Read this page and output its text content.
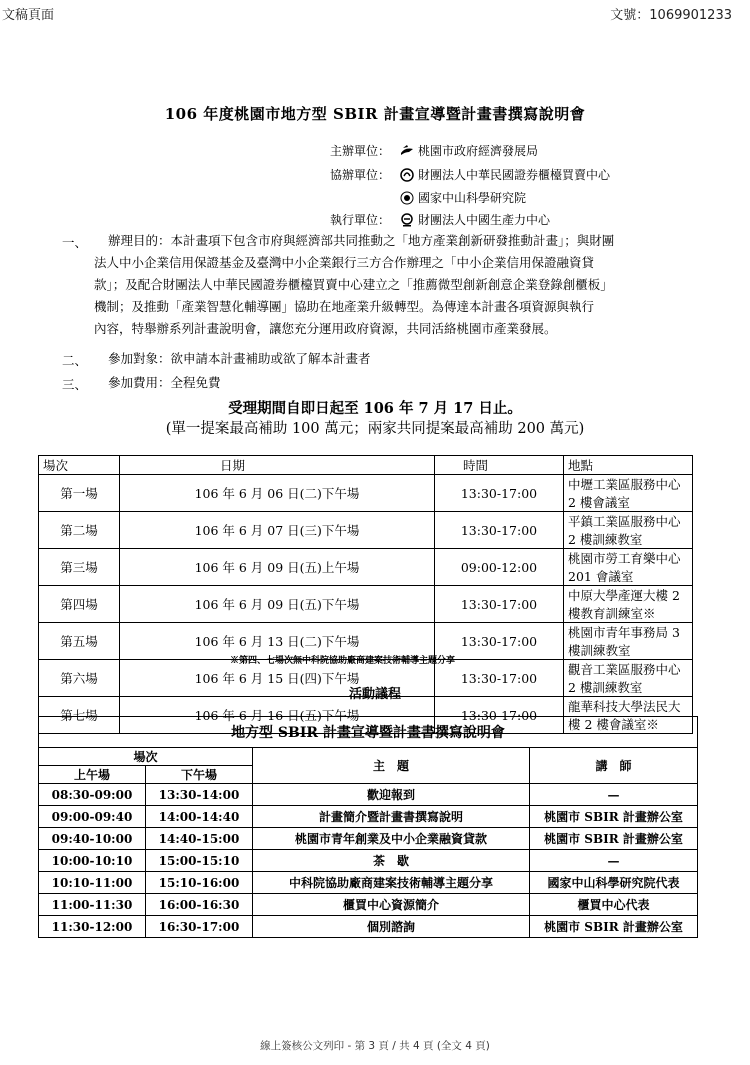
文稿頁面	文號：1069901233
106 年度桃園市地方型 SBIR 計畫宣導暨計畫書撰寫說明會
主辦單位：	桃園市政府經濟發展局
協辦單位：	財團法人中華民國證券櫃檯買賣中心
國家中山科學研究院
執行單位：	財團法人中國生產力中心
一、 辦理目的：本計畫項下包含市府與經濟部共同推動之「地方產業創新研發推動計畫」；與財團
法人中小企業信用保證基金及臺灣中小企業銀行三方合作辦理之「中小企業信用保證融資貸
款」；及配合財團法人中華民國證券櫃檯買賣中心建立之「推薦微型創新創意企業登錄創櫃板」
機制；及推動「產業智慧化輔導團」協助在地產業升級轉型。為傳達本計畫各項資源與執行
內容，特舉辦系列計畫說明會，讓您充分運用政府資源，共同活絡桃園市產業發展。
二、 參加對象：欲申請本計畫補助或欲了解本計畫者
三、 參加費用：全程免費
受理期間自即日起至 106 年 7 月 17 日止。
(單一提案最高補助 100 萬元；兩家共同提案最高補助 200 萬元)
場次	日期	時間	地點
第一場	106 年 6 月 06 日(二)下午場	13:30-17:00	中壢工業區服務中心 2 樓會議室
第二場	106 年 6 月 07 日(三)下午場	13:30-17:00	平鎮工業區服務中心 2 樓訓練教室
第三場	106 年 6 月 09 日(五)上午場	09:00-12:00	桃園市勞工育樂中心 201 會議室
第四場	106 年 6 月 09 日(五)下午場	13:30-17:00	中原大學產運大樓 2 樓教育訓練室※
第五場	106 年 6 月 13 日(二)下午場	13:30-17:00	桃園市青年事務局 3 樓訓練教室
第六場	106 年 6 月 15 日(四)下午場	13:30-17:00	觀音工業區服務中心 2 樓訓練教室
第七場	106 年 6 月 16 日(五)下午場	13:30-17:00	龍華科技大學法民大樓 2 樓會議室※
※第四、七場次無中科院協助廠商建案技術輔導主題分享
活動議程
地方型 SBIR 計畫宣導暨計畫書撰寫說明會			
場次		主　題	講　師
上午場	下午場		
08:30-09:00	13:30-14:00	歡迎報到	—
09:00-09:40	14:00-14:40	計畫簡介暨計畫書撰寫說明	桃園市 SBIR 計畫辦公室
09:40-10:00	14:40-15:00	桃園市青年創業及中小企業融資貸款	桃園市 SBIR 計畫辦公室
10:00-10:10	15:00-15:10	茶　歇	—
10:10-11:00	15:10-16:00	中科院協助廠商建案技術輔導主題分享	國家中山科學研究院代表
11:00-11:30	16:00-16:30	櫃買中心資源簡介	櫃買中心代表
11:30-12:00	16:30-17:00	個別諮詢	桃園市 SBIR 計畫辦公室
線上簽核公文列印 - 第 3 頁 / 共 4 頁 (全文 4 頁)
